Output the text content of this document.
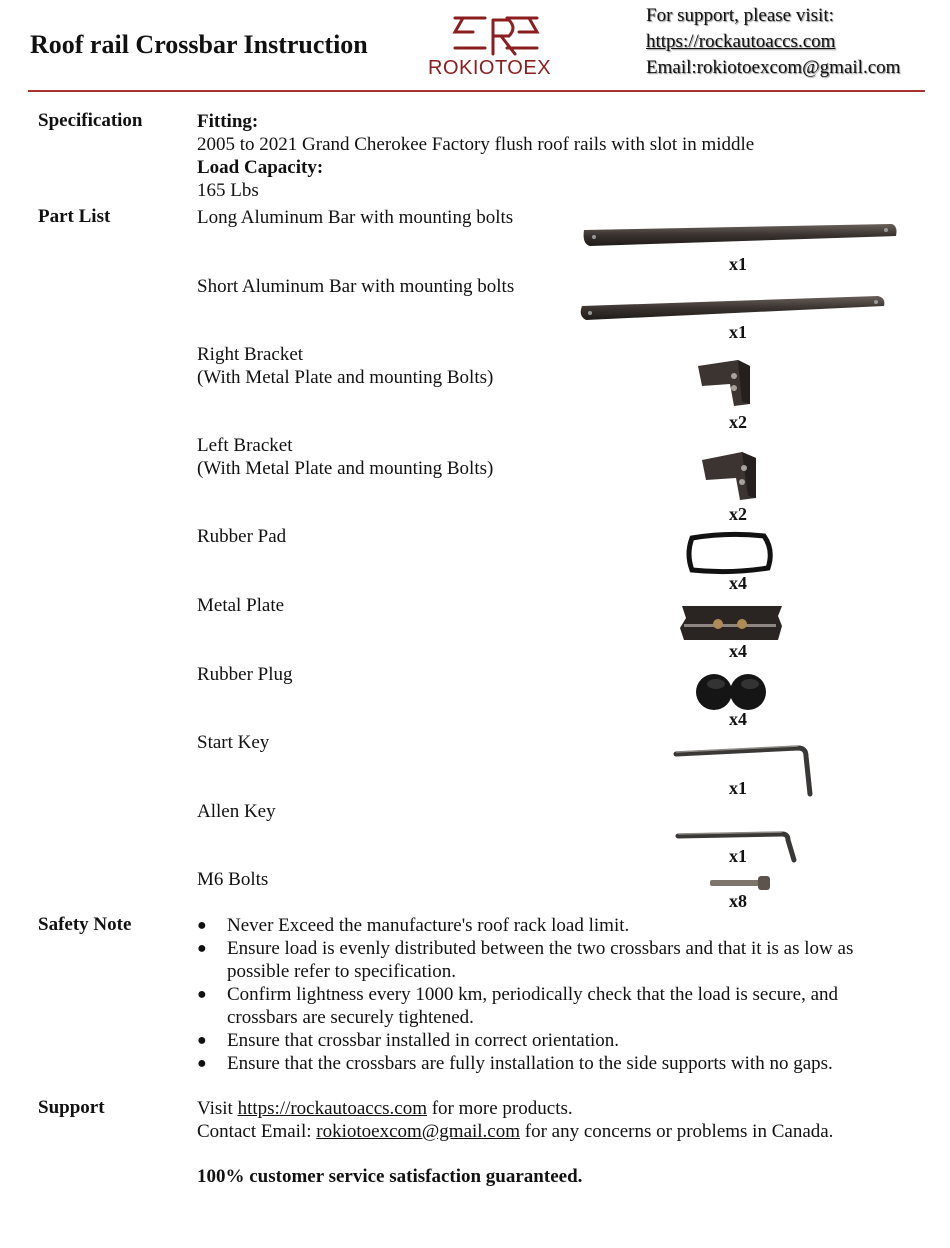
Roof rail Crossbar Instruction
ROKIOTOEX
For support, please visit:
https://rockautoaccs.com
Email:rokiotoexcom@gmail.com
Specification	Fitting:
2005 to 2021 Grand Cherokee Factory flush roof rails with slot in middle
Load Capacity:
165 Lbs
Part List	Long Aluminum Bar with mounting bolts
Short Aluminum Bar with mounting bolts
Right Bracket
(With Metal Plate and mounting Bolts)
Left Bracket
(With Metal Plate and mounting Bolts)
Rubber Pad
Metal Plate
Rubber Plug
Start Key
Allen Key
M6 Bolts
x1
x1
x2
x2
x4
x4
x4
x1
x1
x8
Safety Note
●	Never Exceed the manufacture's roof rack load limit.
● Ensure load is evenly distributed between the two crossbars and that it is as low as possible refer to specification.
● Confirm lightness every 1000 km, periodically check that the load is secure, and crossbars are securely tightened.
● Ensure that crossbar installed in correct orientation.
● Ensure that the crossbars are fully installation to the side supports with no gaps.
Support	Visit https://rockautoaccs.com for more products.
Contact Email: rokiotoexcom@gmail.com for any concerns or problems in Canada.
100% customer service satisfaction guaranteed.
